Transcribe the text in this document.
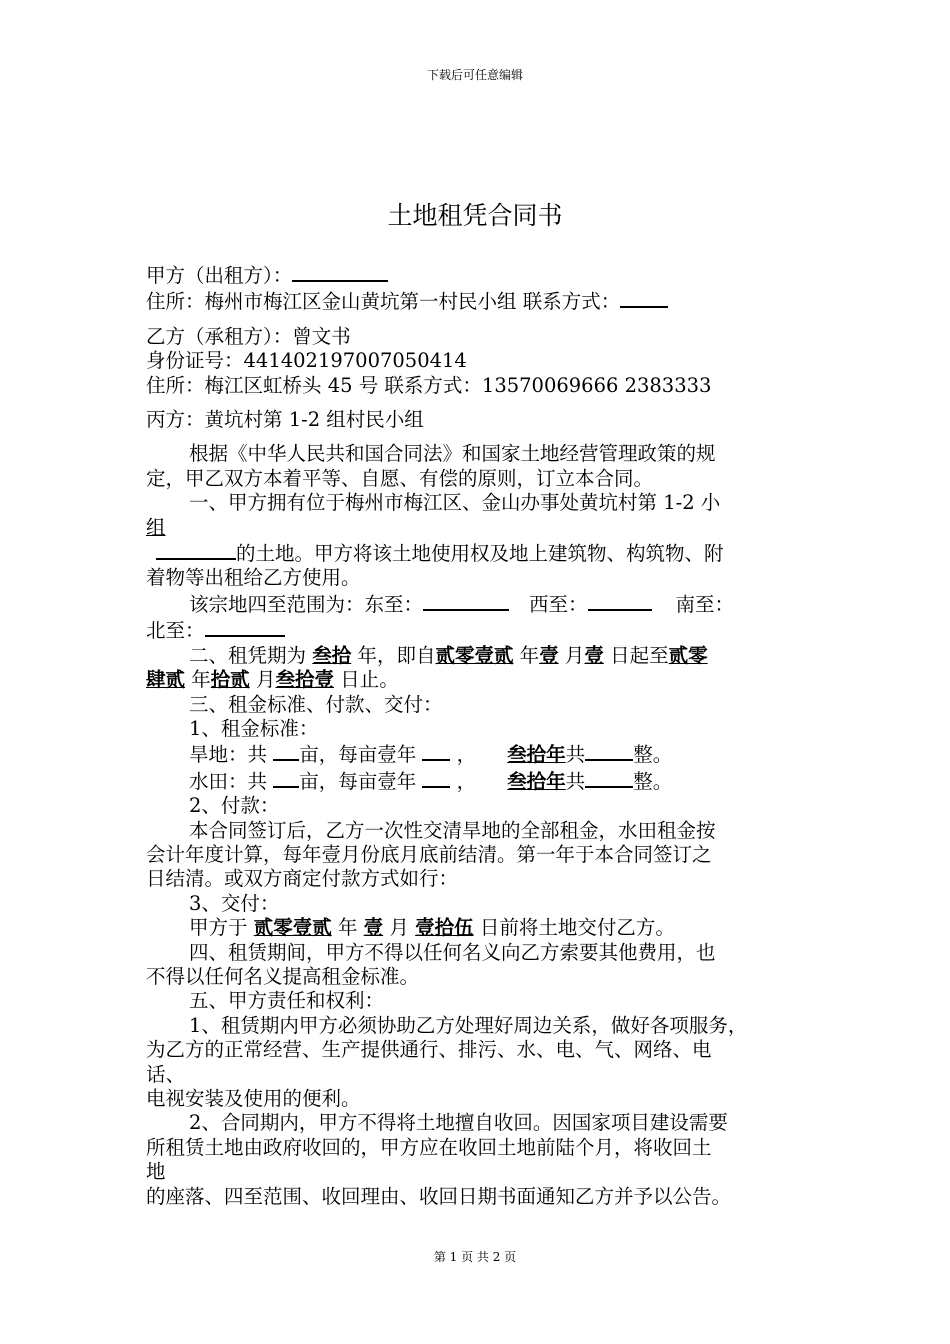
下载后可任意编辑
土地租凭合同书

甲方（出租方）：

住所：梅州市梅江区金山黄坑第一村民小组 联系方式：

乙方（承租方）：曾文书

身份证号：441402197007050414

住所：梅江区虹桥头 45 号 联系方式：13570069666 2383333

丙方：黄坑村第 1-2 组村民小组

根据《中华人民共和国合同法》和国家土地经营管理政策的规

定，甲乙双方本着平等、自愿、有偿的原则，订立本合同。

一、甲方拥有位于梅州市梅江区、金山办事处黄坑村第 1-2 小

组

的土地。甲方将该土地使用权及地上建筑物、构筑物、附

着物等出租给乙方使用。

该宗地四至范围为：东至：	西至：	南至：

北至：

二、租凭期为 叁拾 年，即自贰零壹贰 年壹 月壹 日起至贰零

肆贰 年拾贰 月叁拾壹 日止。

三、租金标准、付款、交付：

1、租金标准：

旱地：共 亩，每亩壹年 ， 叁拾年共 整。

水田：共 亩，每亩壹年 ， 叁拾年共 整。

2、付款：

本合同签订后，乙方一次性交清旱地的全部租金，水田租金按

会计年度计算，每年壹月份底月底前结清。第一年于本合同签订之

日结清。或双方商定付款方式如行：

3、交付：

甲方于 贰零壹贰 年 壹 月 壹拾伍 日前将土地交付乙方。

四、租赁期间，甲方不得以任何名义向乙方索要其他费用，也

不得以任何名义提高租金标准。

五、甲方责任和权利：

1、租赁期内甲方必须协助乙方处理好周边关系，做好各项服务，

为乙方的正常经营、生产提供通行、排污、水、电、气、网络、电

话、

电视安装及使用的便利。

2、合同期内，甲方不得将土地擅自收回。因国家项目建设需要

所租赁土地由政府收回的，甲方应在收回土地前陆个月，将收回土

地

的座落、四至范围、收回理由、收回日期书面通知乙方并予以公告。

第 1 页 共 2 页
